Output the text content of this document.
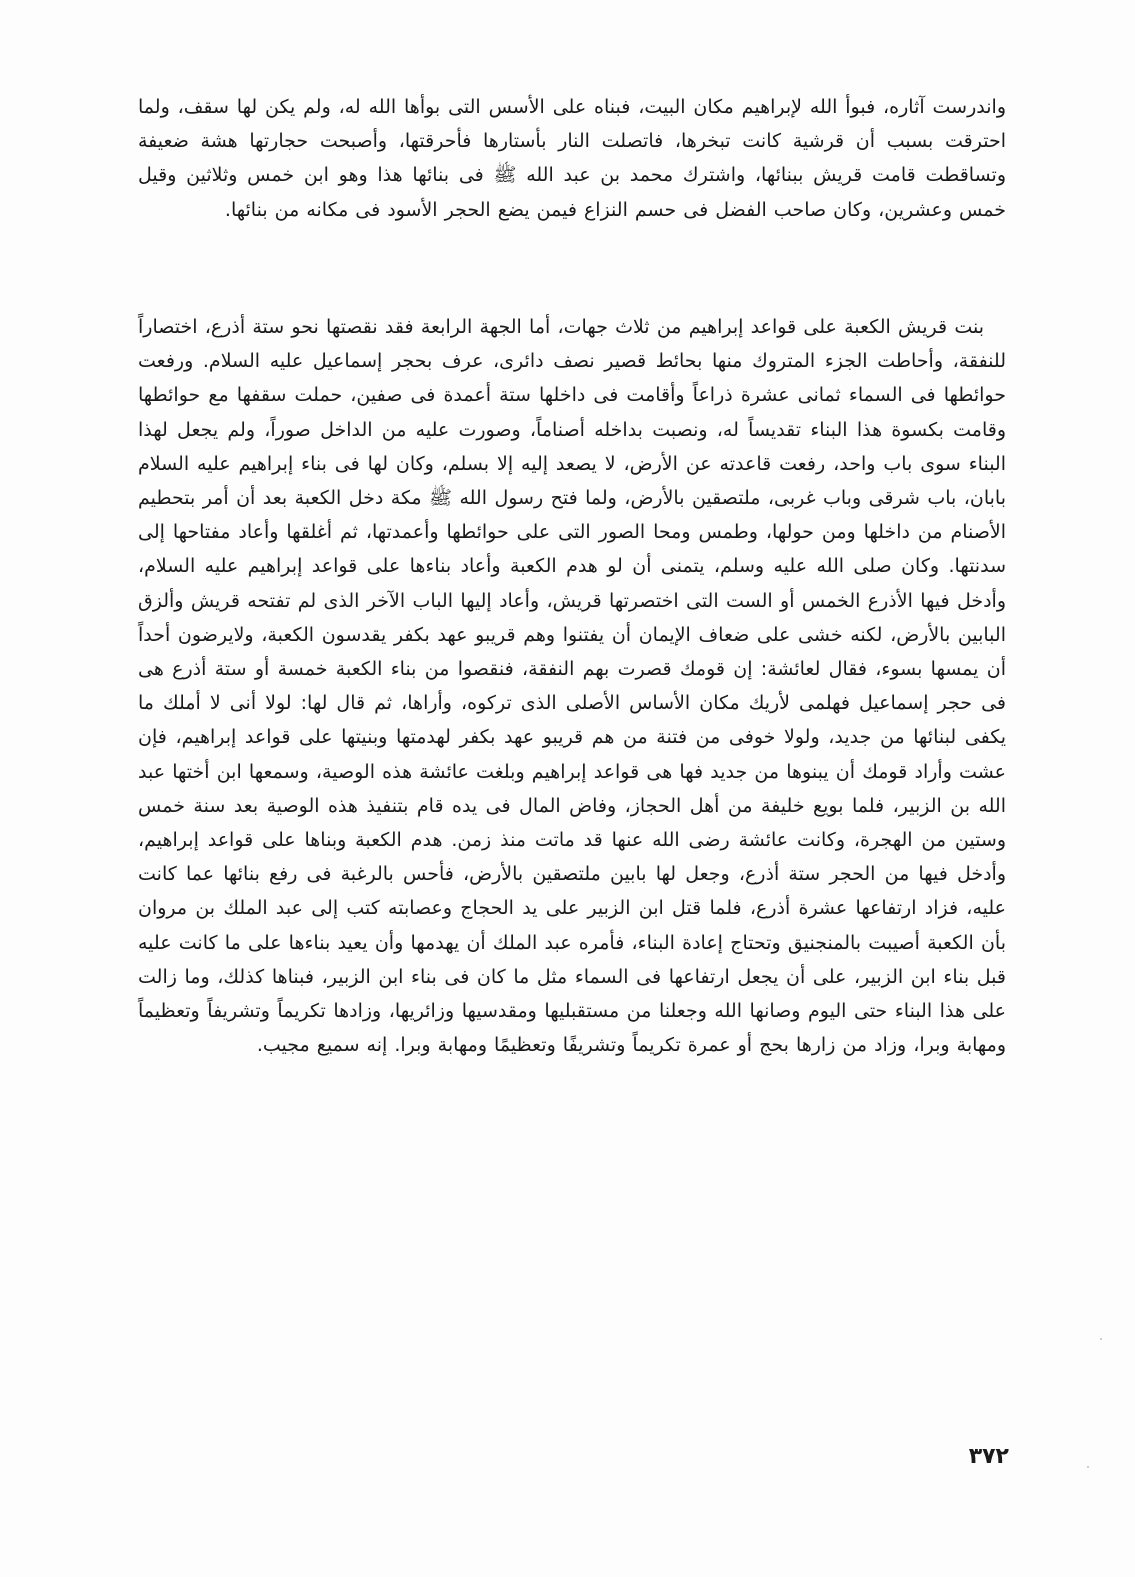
واندرست آثاره، فبوأ الله لإبراهيم مكان البيت، فبناه على الأسس التى بوأها الله له، ولم يكن لها سقف، ولما احترقت بسبب أن قرشية كانت تبخرها، فاتصلت النار بأستارها فأحرقتها، وأصبحت حجارتها هشة ضعيفة وتساقطت قامت قريش ببنائها، واشترك محمد بن عبد الله ﷺ فى بنائها هذا وهو ابن خمس وثلاثين وقيل خمس وعشرين، وكان صاحب الفضل فى حسم النزاع فيمن يضع الحجر الأسود فى مكانه من بنائها.

بنت قريش الكعبة على قواعد إبراهيم من ثلاث جهات، أما الجهة الرابعة فقد نقصتها نحو ستة أذرع، اختصاراً للنفقة، وأحاطت الجزء المتروك منها بحائط قصير نصف دائرى، عرف بحجر إسماعيل عليه السلام. ورفعت حوائطها فى السماء ثمانى عشرة ذراعاً وأقامت فى داخلها ستة أعمدة فى صفين، حملت سقفها مع حوائطها وقامت بكسوة هذا البناء تقديساً له، ونصبت بداخله أصناماً، وصورت عليه من الداخل صوراً، ولم يجعل لهذا البناء سوى باب واحد، رفعت قاعدته عن الأرض، لا يصعد إليه إلا بسلم، وكان لها فى بناء إبراهيم عليه السلام بابان، باب شرقى وباب غربى، ملتصقين بالأرض، ولما فتح رسول الله ﷺ مكة دخل الكعبة بعد أن أمر بتحطيم الأصنام من داخلها ومن حولها، وطمس ومحا الصور التى على حوائطها وأعمدتها، ثم أغلقها وأعاد مفتاحها إلى سدنتها. وكان صلى الله عليه وسلم، يتمنى أن لو هدم الكعبة وأعاد بناءها على قواعد إبراهيم عليه السلام، وأدخل فيها الأذرع الخمس أو الست التى اختصرتها قريش، وأعاد إليها الباب الآخر الذى لم تفتحه قريش وألزق البابين بالأرض، لكنه خشى على ضعاف الإيمان أن يفتنوا وهم قريبو عهد بكفر يقدسون الكعبة، ولايرضون أحداً أن يمسها بسوء، فقال لعائشة: إن قومك قصرت بهم النفقة، فنقصوا من بناء الكعبة خمسة أو ستة أذرع هى فى حجر إسماعيل فهلمى لأريك مكان الأساس الأصلى الذى تركوه، وأراها، ثم قال لها: لولا أنى لا أملك ما يكفى لبنائها من جديد، ولولا خوفى من فتنة من هم قريبو عهد بكفر لهدمتها وبنيتها على قواعد إبراهيم، فإن عشت وأراد قومك أن يبنوها من جديد فها هى قواعد إبراهيم وبلغت عائشة هذه الوصية، وسمعها ابن أختها عبد الله بن الزبير، فلما بويع خليفة من أهل الحجاز، وفاض المال فى يده قام بتنفيذ هذه الوصية بعد سنة خمس وستين من الهجرة، وكانت عائشة رضى الله عنها قد ماتت منذ زمن. هدم الكعبة وبناها على قواعد إبراهيم، وأدخل فيها من الحجر ستة أذرع، وجعل لها بابين ملتصقين بالأرض، فأحس بالرغبة فى رفع بنائها عما كانت عليه، فزاد ارتفاعها عشرة أذرع، فلما قتل ابن الزبير على يد الحجاج وعصابته كتب إلى عبد الملك بن مروان بأن الكعبة أصيبت بالمنجنيق وتحتاج إعادة البناء، فأمره عبد الملك أن يهدمها وأن يعيد بناءها على ما كانت عليه قبل بناء ابن الزبير، على أن يجعل ارتفاعها فى السماء مثل ما كان فى بناء ابن الزبير، فبناها كذلك، وما زالت على هذا البناء حتى اليوم وصانها الله وجعلنا من مستقبليها ومقدسيها وزائريها، وزادها تكريماً وتشريفاً وتعظيماً ومهابة وبرا، وزاد من زارها بحج أو عمرة تكريماً وتشريفًا وتعظيمًا ومهابة وبرا. إنه سميع مجيب.

٣٧٢
